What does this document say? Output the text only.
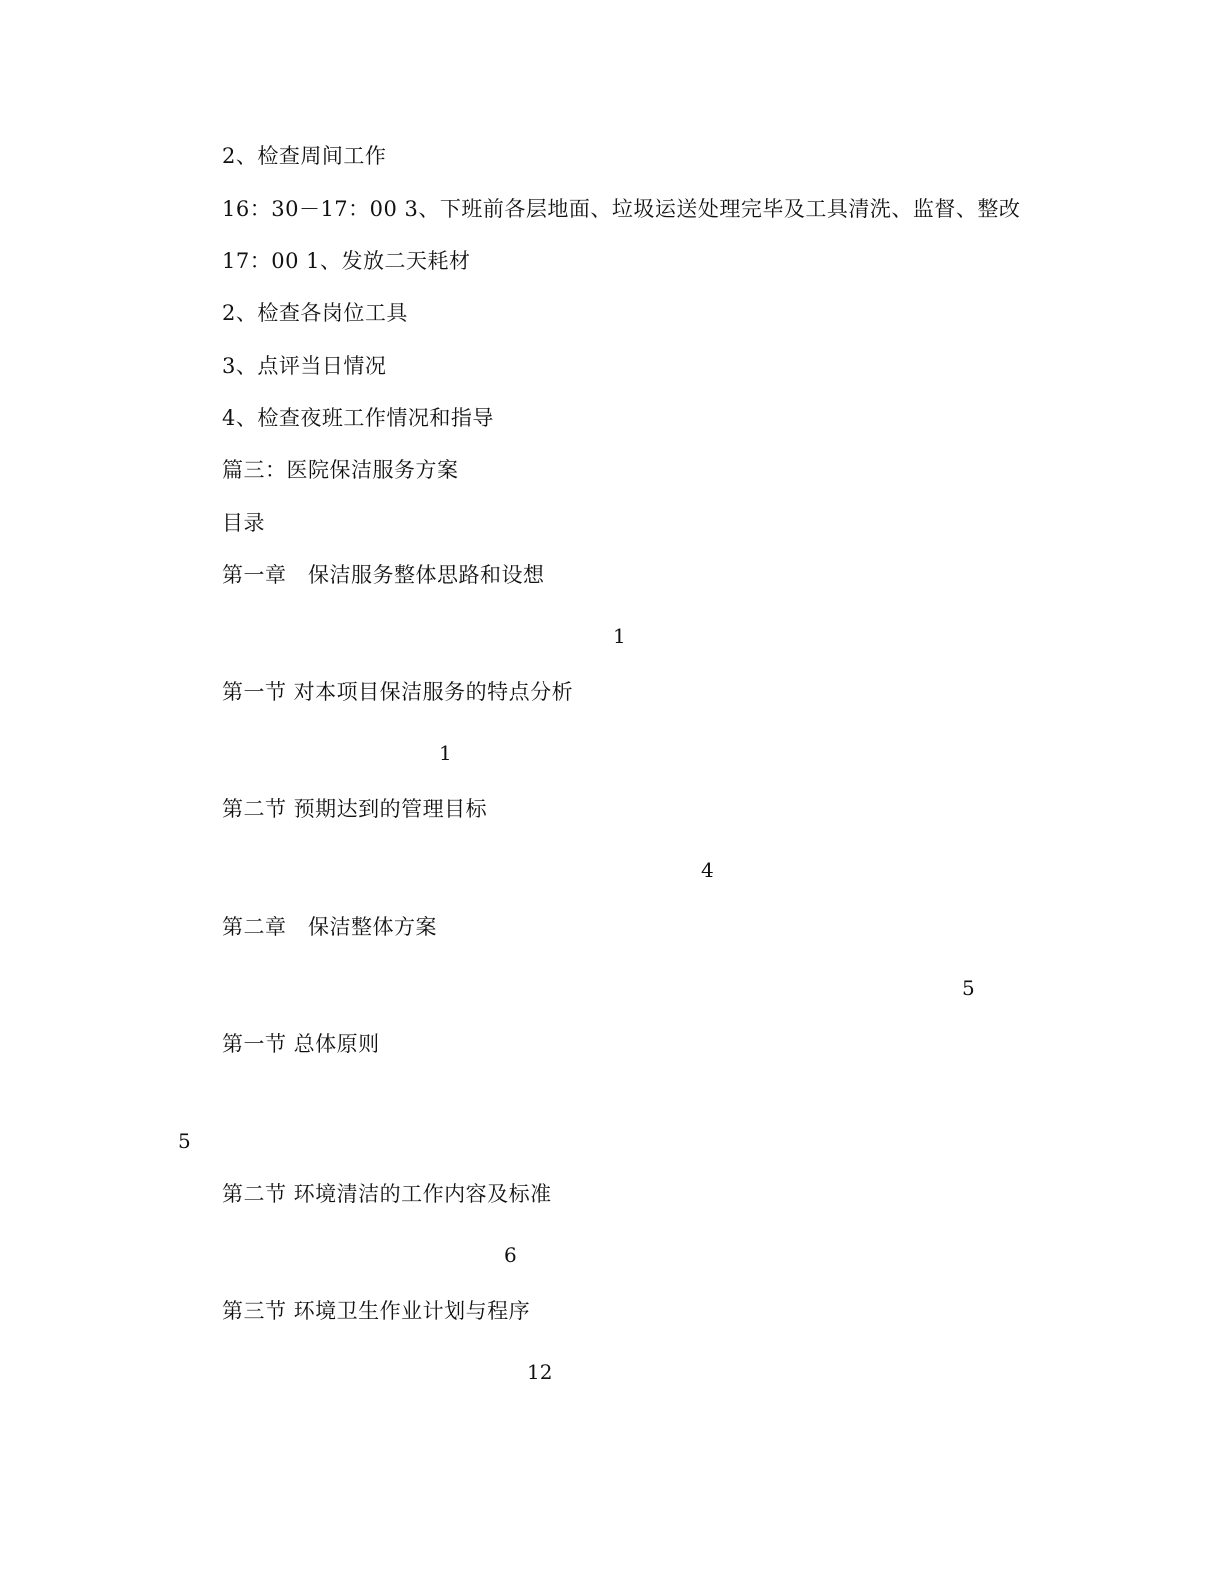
2、检查周间工作
16：30－17：00 3、下班前各层地面、垃圾运送处理完毕及工具清洗、监督、整改
17：00 1、发放二天耗材
2、检查各岗位工具
3、点评当日情况
4、检查夜班工作情况和指导
篇三：医院保洁服务方案
目录
第一章　保洁服务整体思路和设想
1
第一节 对本项目保洁服务的特点分析
1
第二节 预期达到的管理目标
4
第二章　保洁整体方案
5
第一节 总体原则
5
第二节 环境清洁的工作内容及标准
6
第三节 环境卫生作业计划与程序
12
